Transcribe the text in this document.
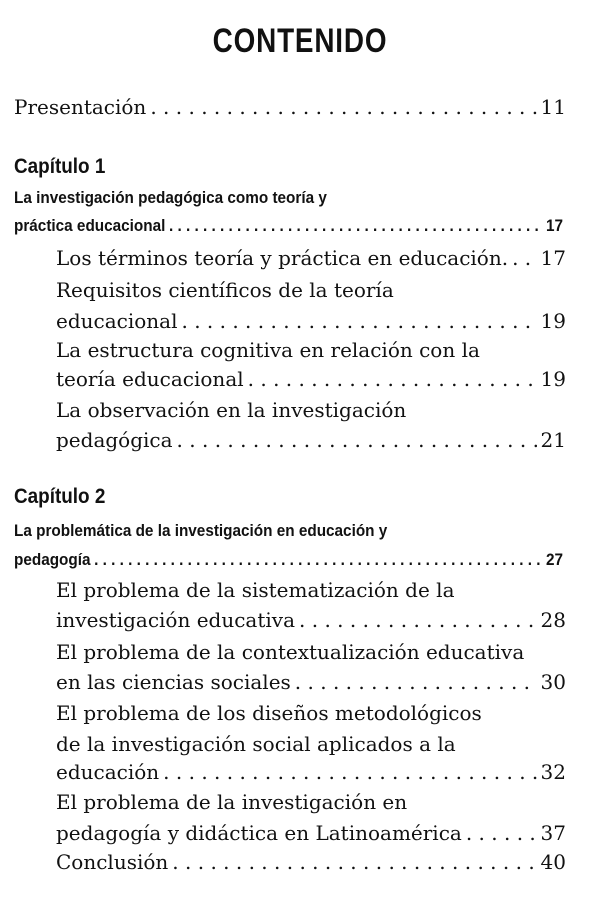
CONTENIDO
Presentación . . .	11
Capítulo 1
La investigación pedagógica como teoría y
práctica educacional . . .	17
Los términos teoría y práctica en educación. . . . 17
Requisitos científicos de la teoría
educacional . . .	19
La estructura cognitiva en relación con la
teoría educacional . . .	19
La observación en la investigación
pedagógica . . .	21
Capítulo 2
La problemática de la investigación en educación y
pedagogía . . .	27
El problema de la sistematización de la
investigación educativa . . .	28
El problema de la contextualización educativa
en las ciencias sociales . . .	30
El problema de los diseños metodológicos
de la investigación social aplicados a la
educación . . .	32
El problema de la investigación en
pedagogía y didáctica en Latinoamérica . . .	37
Conclusión . . .	40
